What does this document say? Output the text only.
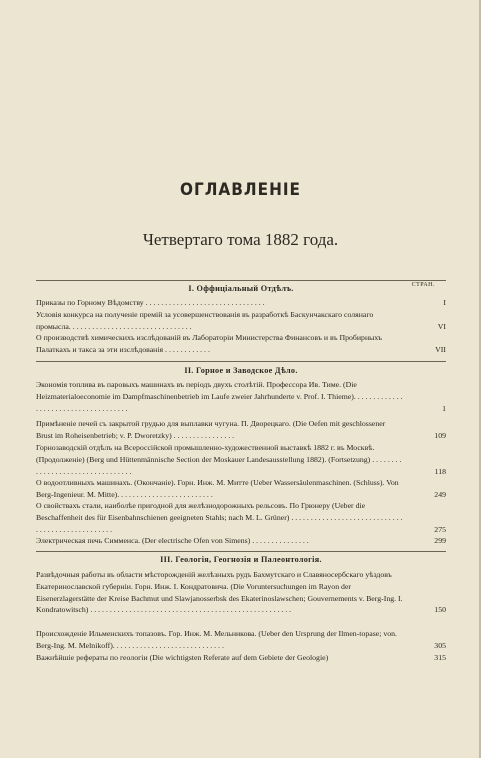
ОГЛАВЛЕНІЕ
Четвертаго тома 1882 года.
СТРАН.
I. Оффиціальный Отдѣлъ.
Приказы по Горному Вѣдомству . . . . . . . . . . . . . . . . . . . . . . . . . . . . . . .	I
Условія конкурса на полученіе премій за усовершенствованія въ разработкѣ Баскунчакскаго солянаго промысла. . . . . . . . . . . . . . . . . . . . . . . . . . . . . . . .	VI
О производствѣ химическихъ изслѣдованій въ Лабораторіи Министерства Финансовъ и въ Пробирныхъ Палаткахъ и такса за эти изслѣдованія . . . . . . . . . . . .	VII
II. Горное и Заводское Дѣло.
Экономія топлива въ паровыхъ машинахъ въ періодъ двухъ столѣтій. Профессора Ив. Тиме. (Die Heizmaterialoeconomie im Dampfmaschinenbetrieb im Laufe zweier Jahrhunderte v. Prof. I. Thieme). . . . . . . . . . . . . . . . . . . . . . . . . . . . . . . . . . . . .	1
Примѣненіе печей съ закрытой грудью для выплавки чугуна. П. Дворецкаго. (Die Oefen mit geschlossener Brust im Roheisenbetrieb; v. P. Dworetzky) . . . . . . . . . . . . . . . .	109
Горнозаводскій отдѣлъ на Всероссійской промышленно-художественной выставкѣ 1882 г. въ Москвѣ. (Продолженіе) (Berg und Hüttenmännische Section der Moskauer Landesausstellung 1882). (Fortsetzung) . . . . . . . . . . . . . . . . . . . . . . . . . . . . . . . . .	118
О водоотливныхъ машинахъ. (Окончаніе). Горн. Инж. М. Митте (Ueber Wassersäulenmaschinen. (Schluss). Von Berg-Ingenieur. M. Mitte). . . . . . . . . . . . . . . . . . . . . . . . .	249
О свойствахъ стали, наиболѣе пригодной для желѣзнодорожныхъ рельсовъ. По Грюнеру (Ueber die Beschaffenheit des für Eisenbahnschienen geeigneten Stahls; nach M. L. Grüner) . . . . . . . . . . . . . . . . . . . . . . . . . . . . . . . . . . . . . . . . . . . . . . . . .	275
Электрическая печь Симменса. (Der electrische Ofen von Simens) . . . . . . . . . . . . . . .	299
III. Геологія, Геогнозія и Палеонтологія.
Развѣдочныя работы въ области мѣсторожденій желѣзныхъ рудъ Бахмутскаго и Славяносербскаго уѣздовъ Екатеринославской губерніи. Горн. Инж. I. Кондратовича. (Die Voruntersuchungen im Rayon der Eisenerzlagerstätte der Kreise Bachmut und Slawjanosserbsk des Ekaterinoslawschen; Gouvernements v. Berg-Ing. I. Kondratowitsch) . . . . . . . . . . . . . . . . . . . . . . . . . . . . . . . . . . . . . . . . . . . . . . . . . . . .	150
Происхожденіе Ильменскихъ топазовъ. Гор. Инж. М. Мельникова. (Ueber den Ursprung der Ilmen-topase; von. Berg-Ing. M. Melnikoff). . . . . . . . . . . . . . . . . . . . . . . . . . . . .	305
Важнѣйшіе рефераты по геологіи (Die wichtigsten Referate auf dem Gebiete der Geologie)	315
